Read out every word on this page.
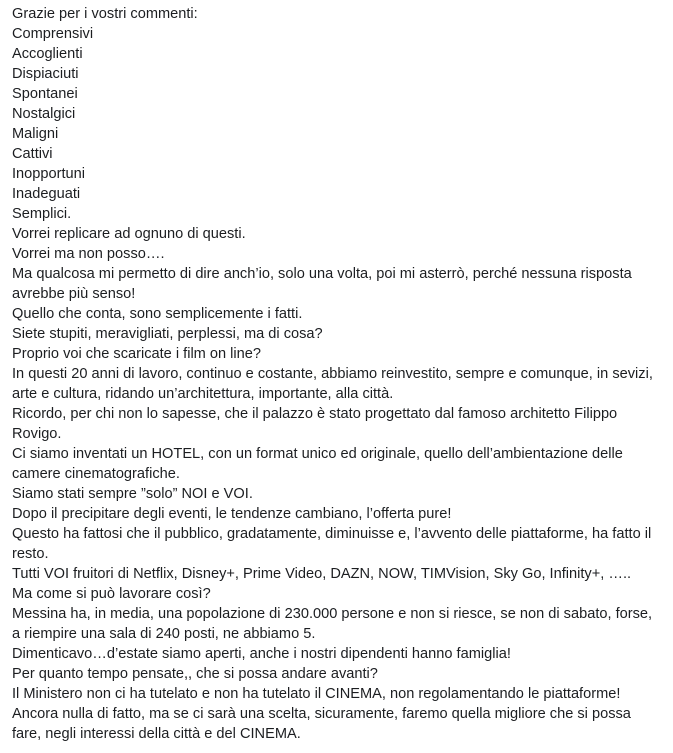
Grazie per i vostri commenti:

Comprensivi

Accoglienti

Dispiaciuti

Spontanei

Nostalgici

Maligni

Cattivi

Inopportuni

Inadeguati

Semplici.

Vorrei replicare ad ognuno di questi.

Vorrei ma non posso….

Ma qualcosa mi permetto di dire anch’io, solo una volta, poi mi asterrò, perché nessuna risposta avrebbe più senso!

Quello che conta, sono semplicemente i fatti.

Siete stupiti, meravigliati, perplessi, ma di cosa?

Proprio voi che scaricate i film on line?

In questi 20 anni di lavoro, continuo e costante, abbiamo reinvestito, sempre e comunque, in sevizi, arte e cultura, ridando un’architettura, importante, alla città.

Ricordo, per chi non lo sapesse, che il palazzo è stato progettato dal famoso architetto Filippo Rovigo.

Ci siamo inventati un HOTEL, con un format unico ed originale, quello dell’ambientazione delle camere cinematografiche.

Siamo stati sempre ”solo” NOI e VOI.

Dopo il precipitare degli eventi, le tendenze cambiano, l’offerta pure!

Questo ha fattosi che il pubblico, gradatamente, diminuisse e, l’avvento delle piattaforme, ha fatto il resto.

Tutti VOI fruitori di Netflix, Disney+, Prime Video, DAZN, NOW, TIMVision, Sky Go, Infinity+, …..

Ma come si può lavorare così?

Messina ha, in media, una popolazione di 230.000 persone e non si riesce, se non di sabato, forse, a riempire una sala di 240 posti, ne abbiamo 5.

Dimenticavo…d’estate siamo aperti, anche i nostri dipendenti hanno famiglia!

Per quanto tempo pensate,, che si possa andare avanti?

Il Ministero non ci ha tutelato e non ha tutelato il CINEMA, non regolamentando le piattaforme!

Ancora nulla di fatto, ma se ci sarà una scelta, sicuramente, faremo quella migliore che si possa fare, negli interessi della città e del CINEMA.
